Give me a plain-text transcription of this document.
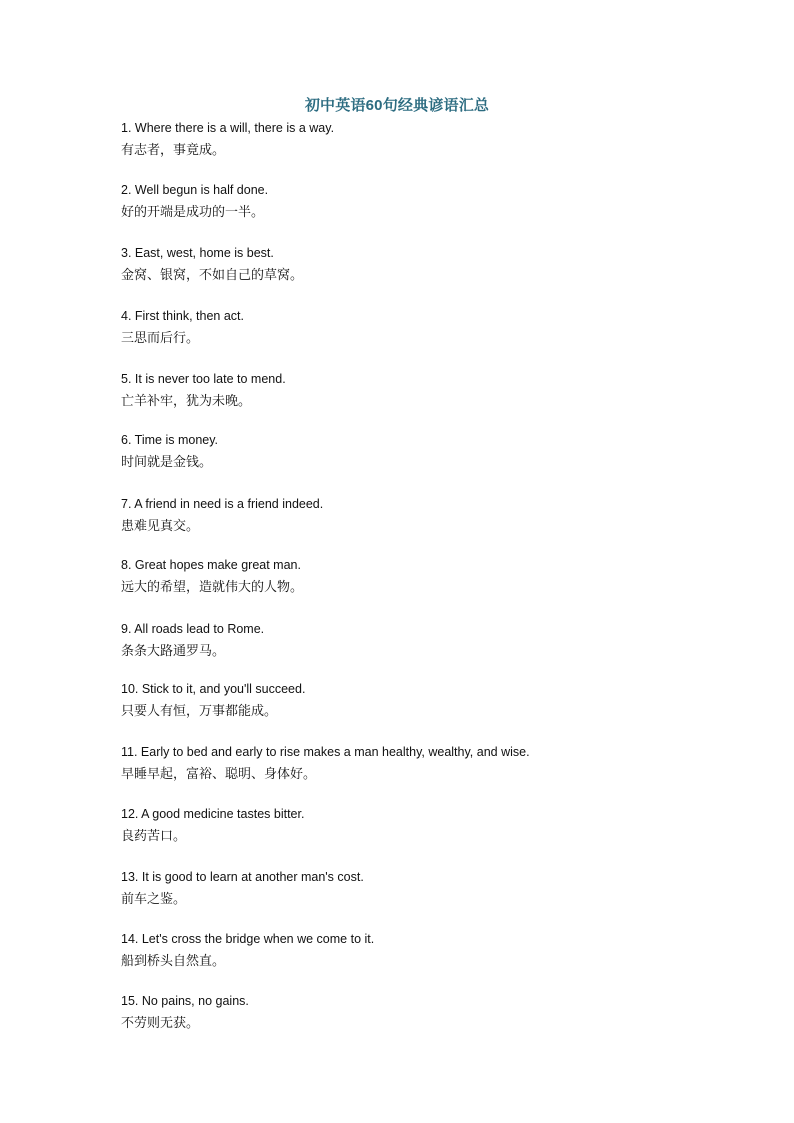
初中英语60句经典谚语汇总
1. Where there is a will, there is a way.
有志者，事竟成。
2. Well begun is half done.
好的开端是成功的一半。
3. East, west, home is best.
金窝、银窝，不如自己的草窝。
4. First think, then act.
三思而后行。
5. It is never too late to mend.
亡羊补牢，犹为未晚。
6. Time is money.
时间就是金钱。
7. A friend in need is a friend indeed.
患难见真交。
8. Great hopes make great man.
远大的希望，造就伟大的人物。
9. All roads lead to Rome.
条条大路通罗马。
10. Stick to it, and you'll succeed.
只要人有恒，万事都能成。
11. Early to bed and early to rise makes a man healthy, wealthy, and wise.
早睡早起，富裕、聪明、身体好。
12. A good medicine tastes bitter.
良药苦口。
13. It is good to learn at another man's cost.
前车之鉴。
14. Let's cross the bridge when we come to it.
船到桥头自然直。
15. No pains, no gains.
不劳则无获。
